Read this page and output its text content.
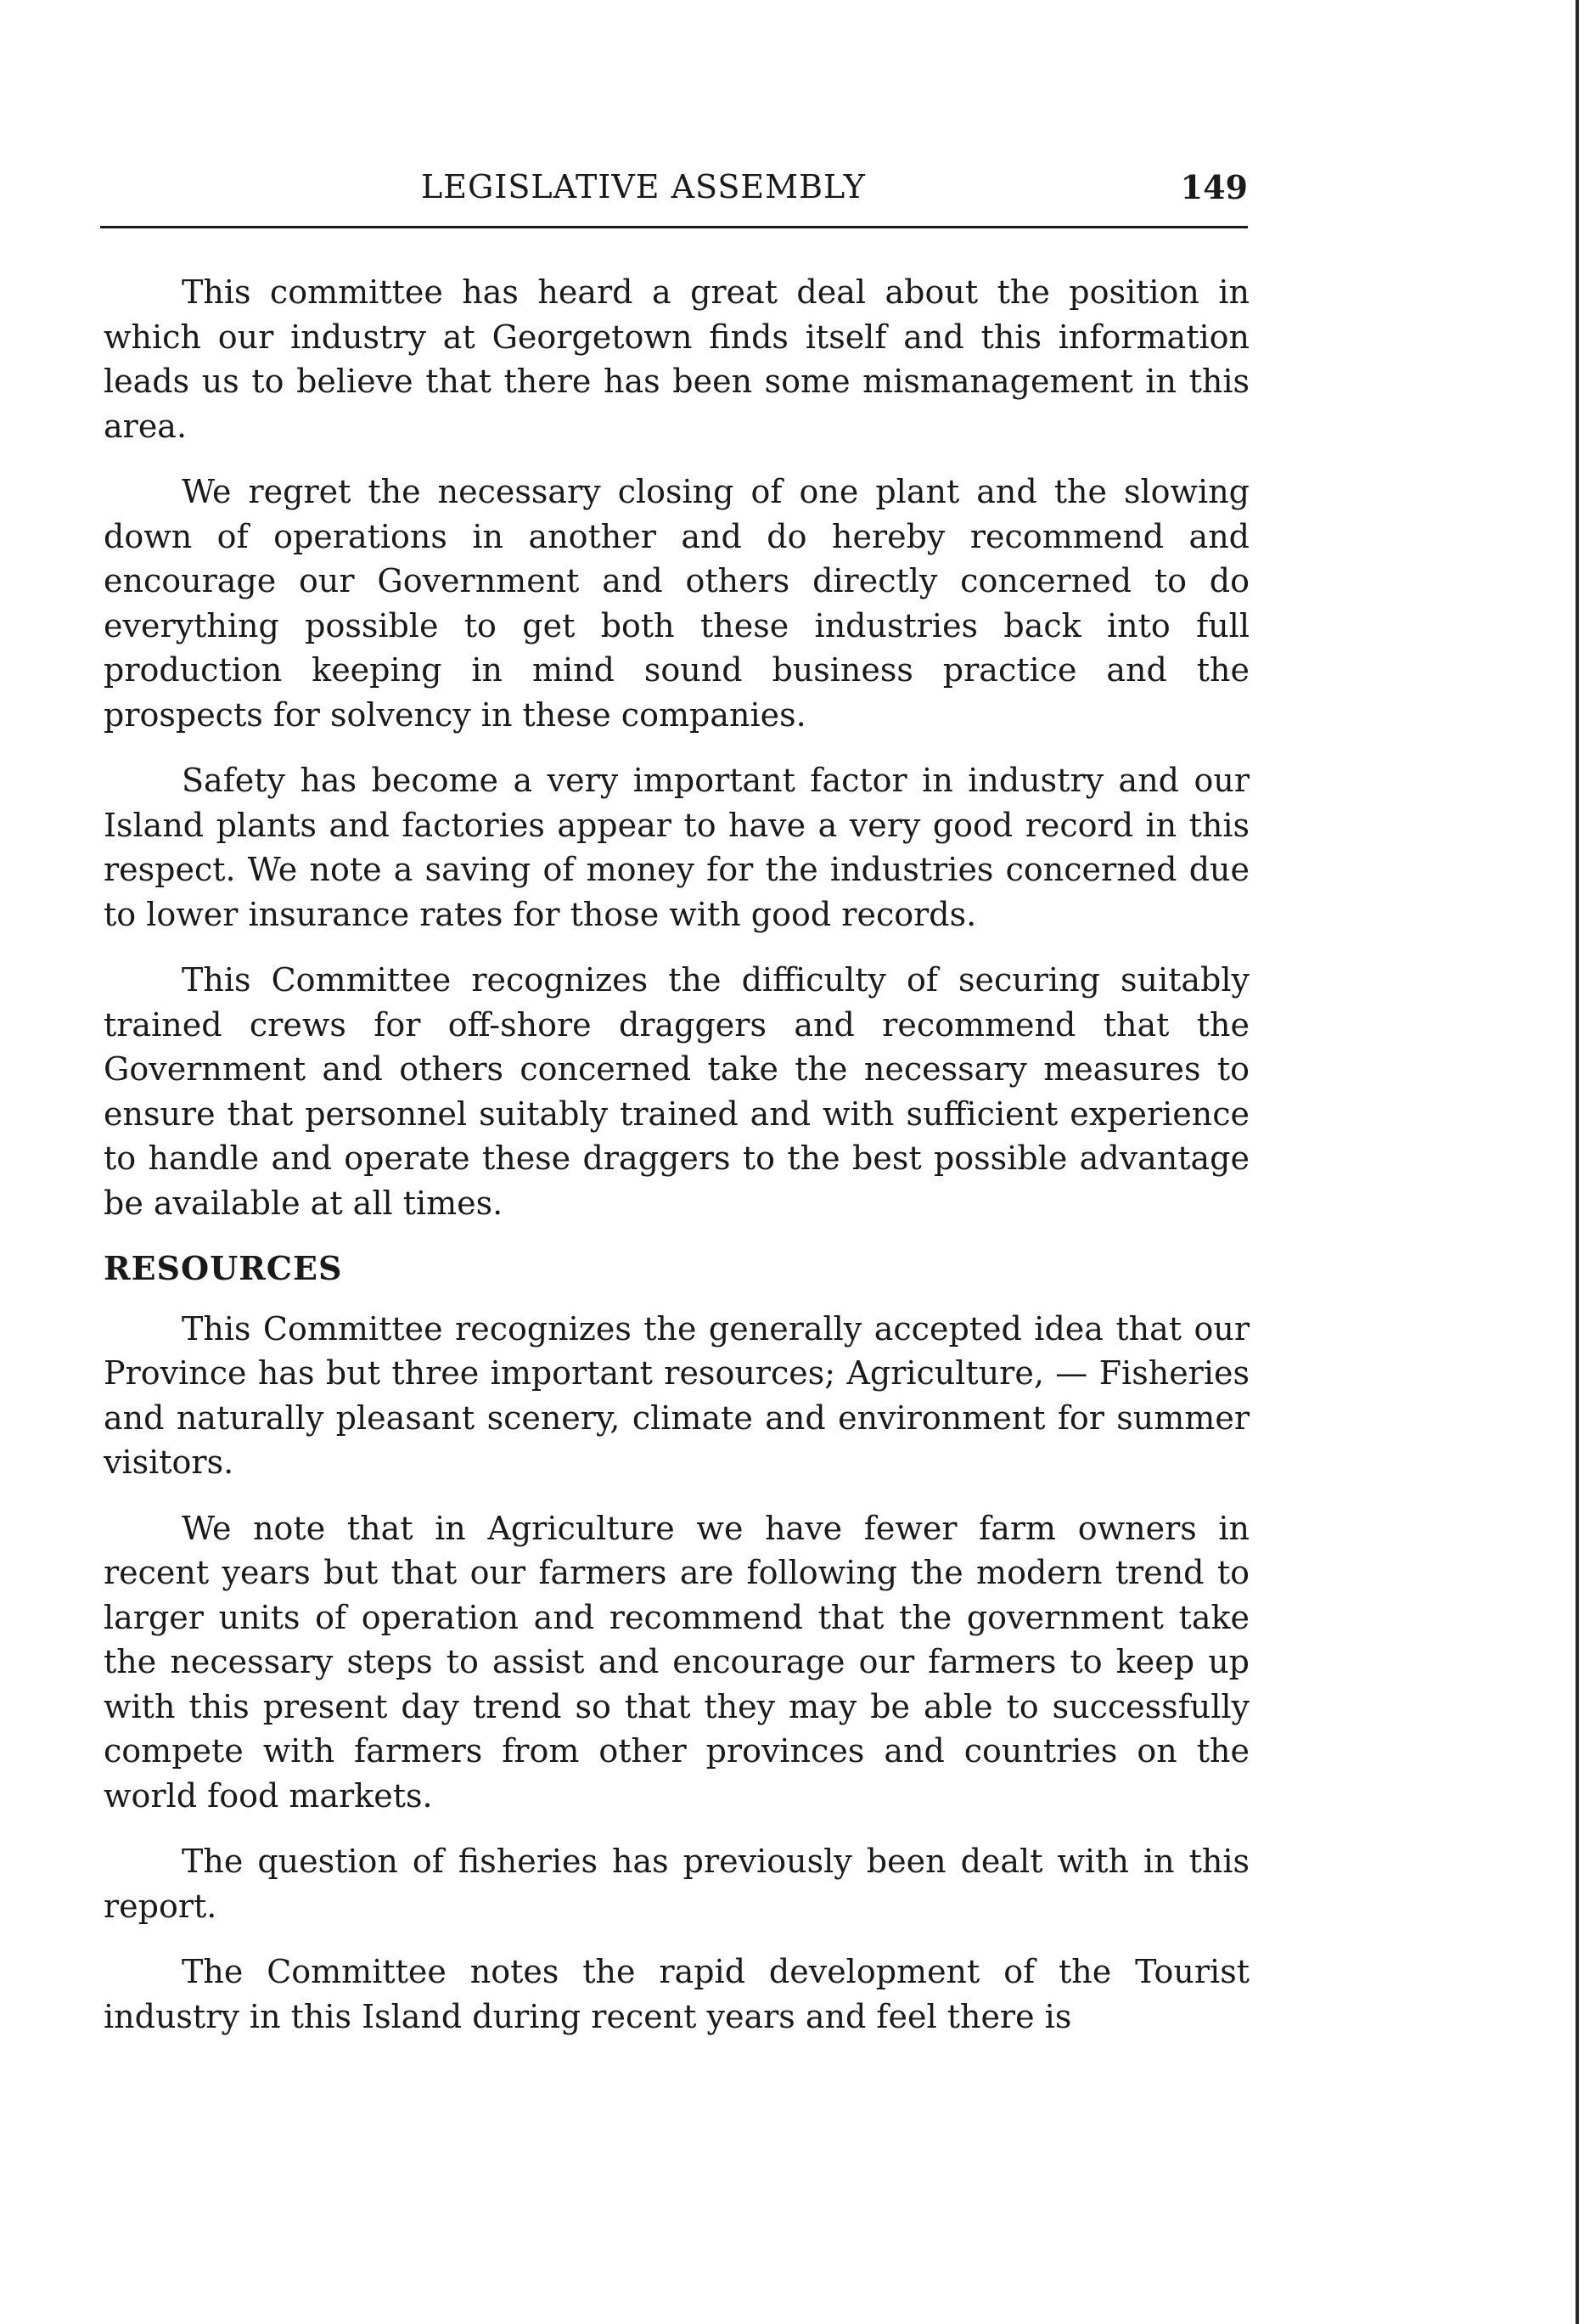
LEGISLATIVE ASSEMBLY	149

This committee has heard a great deal about the position in which our industry at Georgetown finds itself and this information leads us to believe that there has been some mismanagement in this area.

We regret the necessary closing of one plant and the slowing down of operations in another and do hereby recommend and encourage our Government and others directly concerned to do everything possible to get both these industries back into full production keeping in mind sound business practice and the prospects for solvency in these companies.

Safety has become a very important factor in industry and our Island plants and factories appear to have a very good record in this respect. We note a saving of money for the industries concerned due to lower insurance rates for those with good records.

This Committee recognizes the difficulty of securing suitably trained crews for off-shore draggers and recommend that the Government and others concerned take the necessary measures to ensure that personnel suitably trained and with sufficient experience to handle and operate these draggers to the best possible advantage be available at all times.

RESOURCES

This Committee recognizes the generally accepted idea that our Province has but three important resources; Agriculture, — Fisheries and naturally pleasant scenery, climate and environment for summer visitors.

We note that in Agriculture we have fewer farm owners in recent years but that our farmers are following the modern trend to larger units of operation and recommend that the government take the necessary steps to assist and encourage our farmers to keep up with this present day trend so that they may be able to successfully compete with farmers from other provinces and countries on the world food markets.

The question of fisheries has previously been dealt with in this report.

The Committee notes the rapid development of the Tourist industry in this Island during recent years and feel there is
